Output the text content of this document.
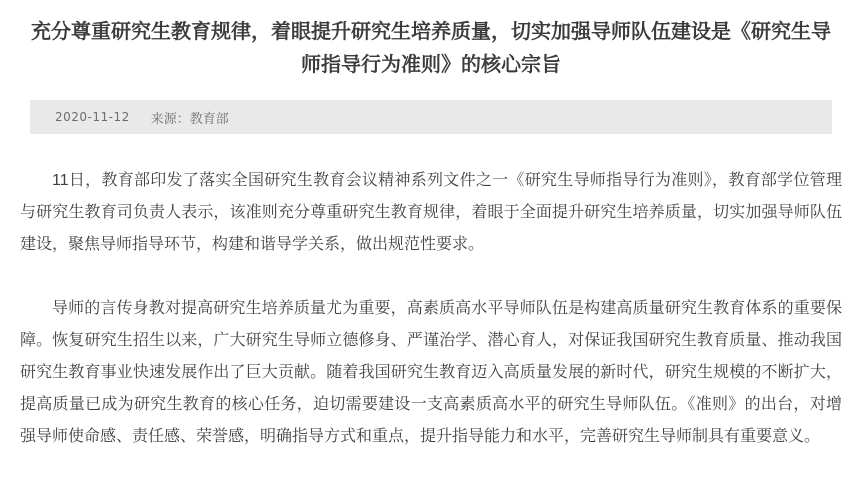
充分尊重研究生教育规律，着眼提升研究生培养质量，切实加强导师队伍建设是《研究生导师指导行为准则》的核心宗旨
2020-11-12 来源：教育部

11日，教育部印发了落实全国研究生教育会议精神系列文件之一《研究生导师指导行为准则》，教育部学位管理与研究生教育司负责人表示，该准则充分尊重研究生教育规律，着眼于全面提升研究生培养质量，切实加强导师队伍建设，聚焦导师指导环节，构建和谐导学关系，做出规范性要求。

导师的言传身教对提高研究生培养质量尤为重要，高素质高水平导师队伍是构建高质量研究生教育体系的重要保障。恢复研究生招生以来，广大研究生导师立德修身、严谨治学、潜心育人，对保证我国研究生教育质量、推动我国研究生教育事业快速发展作出了巨大贡献。随着我国研究生教育迈入高质量发展的新时代，研究生规模的不断扩大，提高质量已成为研究生教育的核心任务，迫切需要建设一支高素质高水平的研究生导师队伍。《准则》的出台，对增强导师使命感、责任感、荣誉感，明确指导方式和重点，提升指导能力和水平，完善研究生导师制具有重要意义。
